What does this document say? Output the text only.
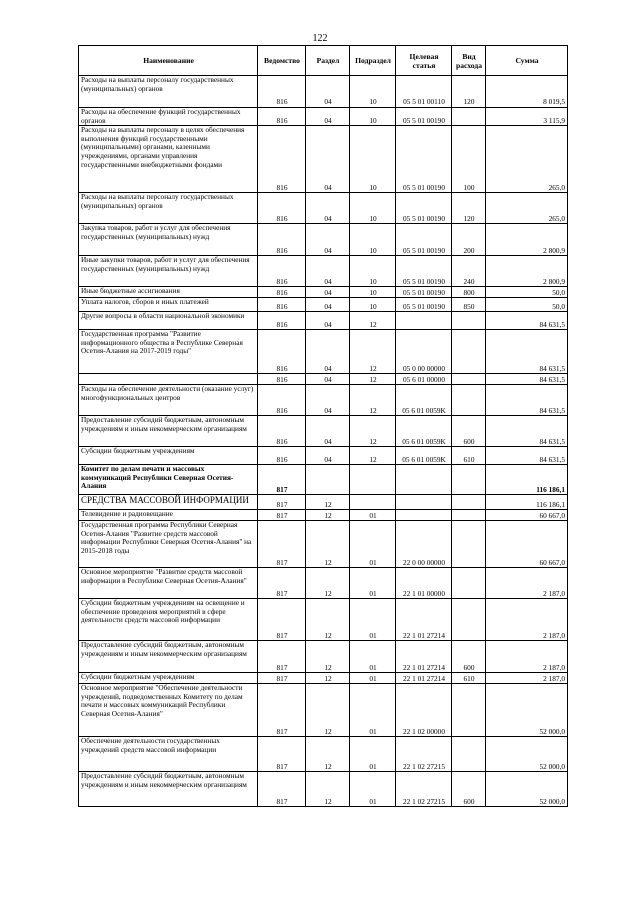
122
Наименование	Ведомство	Раздел	Подраздел	Целевая статья	Вид расхода	Сумма
Расходы на выплаты персоналу государственных (муниципальных) органов	816	04	10	05 5 01 00110	120	8 019,5
Расходы на обеспечение функций государственных органов	816	04	10	05 5 01 00190		3 115,9
Расходы на выплаты персоналу в целях обеспечения выполнения функций государственными (муниципальными) органами, казенными учреждениями, органами управления государственными внебюджетными фондами	816	04	10	05 5 01 00190	100	265,0
Расходы на выплаты персоналу государственных (муниципальных) органов	816	04	10	05 5 01 00190	120	265,0
Закупка товаров, работ и услуг для обеспечения государственных (муниципальных) нужд	816	04	10	05 5 01 00190	200	2 800,9
Иные закупки товаров, работ и услуг для обеспечения государственных (муниципальных) нужд	816	04	10	05 5 01 00190	240	2 800,9
Иные бюджетные ассигнования	816	04	10	05 5 01 00190	800	50,0
Уплата налогов, сборов и иных платежей	816	04	10	05 5 01 00190	850	50,0
Другие вопросы в области национальной экономики	816	04	12			84 631,5
Государственная программа "Развитие информационного общества в Республике Северная Осетия-Алания на 2017-2019 годы"	816	04	12	05 0 00 00000		84 631,5
	816	04	12	05 6 01 00000		84 631,5
Расходы на обеспечение деятельности (оказание услуг) многофункциональных центров	816	04	12	05 6 01 0059K		84 631,5
Предоставление субсидий бюджетным, автономным учреждениям и иным некоммерческим организациям	816	04	12	05 6 01 0059K	600	84 631,5
Субсидии бюджетным учреждениям	816	04	12	05 6 01 0059K	610	84 631,5
Комитет по делам печати и массовых коммуникаций Республики Северная Осетия-Алания	817					116 186,1
СРЕДСТВА МАССОВОЙ ИНФОРМАЦИИ	817	12				116 186,1
Телевидение и радиовещание	817	12	01			60 667,0
Государственная программа Республики Северная Осетия-Алания "Развитие средств массовой информации Республики Северная Осетия-Алания" на 2015-2018 годы	817	12	01	22 0 00 00000		60 667,0
Основное мероприятие "Развитие средств массовой информации в Республике Северная Осетия-Алания"	817	12	01	22 1 01 00000		2 187,0
Субсидии бюджетным учреждениям на освещение и обеспечение проведения мероприятий в сфере деятельности средств массовой информации	817	12	01	22 1 01 27214		2 187,0
Предоставление субсидий бюджетным, автономным учреждениям и иным некоммерческим организациям	817	12	01	22 1 01 27214	600	2 187,0
Субсидии бюджетным учреждениям	817	12	01	22 1 01 27214	610	2 187,0
Основное мероприятие "Обеспечение деятельности учреждений, подведомственных Комитету по делам печати и массовых коммуникаций Республики Северная Осетия-Алания"	817	12	01	22 1 02 00000		52 000,0
Обеспечение деятельности государственных учреждений средств массовой информации	817	12	01	22 1 02 27215		52 000,0
Предоставление субсидий бюджетным, автономным учреждениям и иным некоммерческим организациям	817	12	01	22 1 02 27215	600	52 000,0
